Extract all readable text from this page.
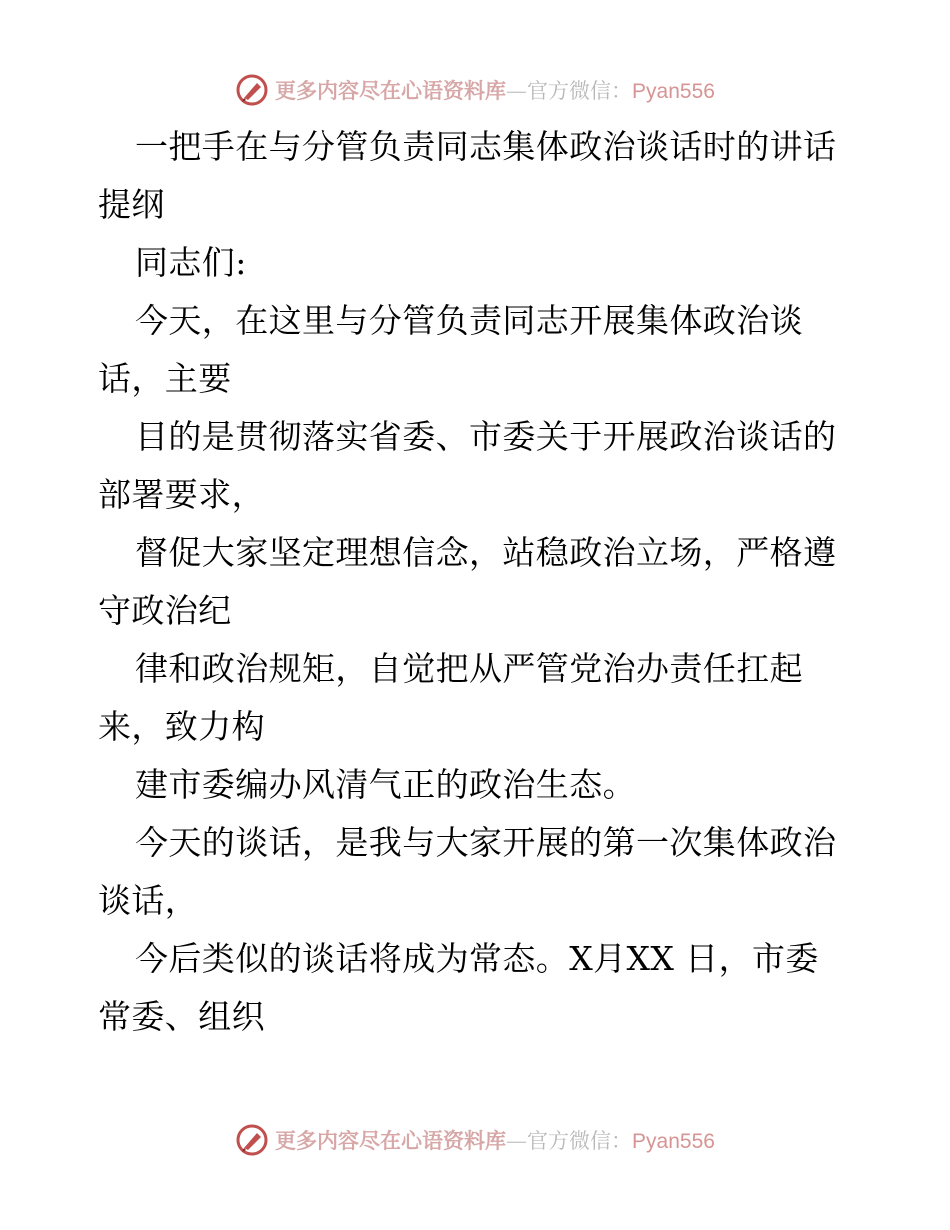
更多内容尽在心语资料库—官方微信：Pyan556
一把手在与分管负责同志集体政治谈话时的讲话
提纲
同志们:
今天，在这里与分管负责同志开展集体政治谈
话，主要
目的是贯彻落实省委、市委关于开展政治谈话的
部署要求，
督促大家坚定理想信念，站稳政治立场，严格遵
守政治纪
律和政治规矩，自觉把从严管党治办责任扛起
来，致力构
建市委编办风清气正的政治生态。
今天的谈话，是我与大家开展的第一次集体政治
谈话，
今后类似的谈话将成为常态。X月XX 日，市委
常委、组织
更多内容尽在心语资料库—官方微信：Pyan556
